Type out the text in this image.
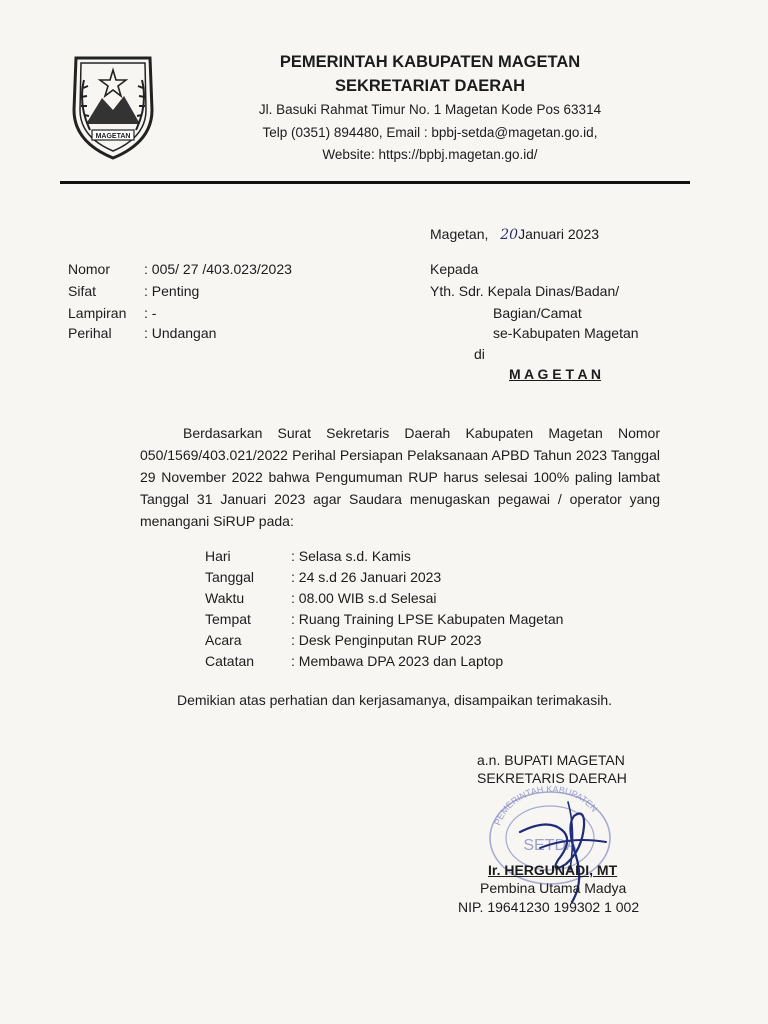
MAGETAN
PEMERINTAH KABUPATEN MAGETAN
SEKRETARIAT DAERAH
Jl. Basuki Rahmat Timur No. 1 Magetan Kode Pos 63314
Telp (0351) 894480, Email : bpbj-setda@magetan.go.id,
Website: https://bpbj.magetan.go.id/
Magetan, 20Januari 2023
Nomor	: 005/ 27 /403.023/2023
Sifat	: Penting
Lampiran	: -
Perihal	: Undangan
Kepada
Yth. Sdr. Kepala Dinas/Badan/
Bagian/Camat
se-Kabupaten Magetan
di
M A G E T A N

Berdasarkan Surat Sekretaris Daerah Kabupaten Magetan Nomor 050/1569/403.021/2022 Perihal Persiapan Pelaksanaan APBD Tahun 2023 Tanggal 29 November 2022 bahwa Pengumuman RUP harus selesai 100% paling lambat Tanggal 31 Januari 2023 agar Saudara menugaskan pegawai / operator yang menangani SiRUP pada:

Hari	: Selasa s.d. Kamis
Tanggal	: 24 s.d 26 Januari 2023
Waktu	: 08.00 WIB s.d Selesai
Tempat	: Ruang Training LPSE Kabupaten Magetan
Acara	: Desk Penginputan RUP 2023
Catatan	: Membawa DPA 2023 dan Laptop
Demikian atas perhatian dan kerjasamanya, disampaikan terimakasih.
a.n. BUPATI MAGETAN
SEKRETARIS DAERAH
PEMERINTAH KABUPATEN
SETDA
Ir. HERGUNADI, MT
Pembina Utama Madya
NIP. 19641230 199302 1 002
